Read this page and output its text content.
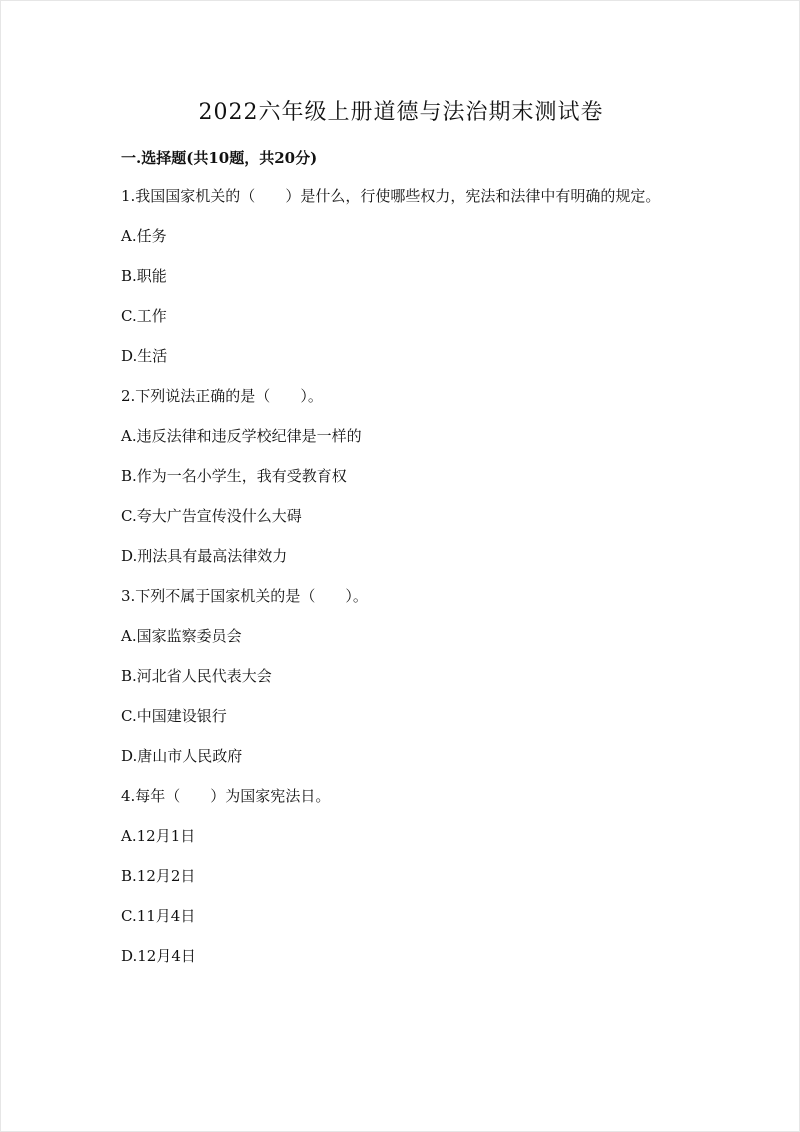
2022六年级上册道德与法治期末测试卷
一.选择题(共10题，共20分)
1.我国国家机关的（　　）是什么，行使哪些权力，宪法和法律中有明确的规定。
A.任务
B.职能
C.工作
D.生活
2.下列说法正确的是（　　）。
A.违反法律和违反学校纪律是一样的
B.作为一名小学生，我有受教育权
C.夸大广告宣传没什么大碍
D.刑法具有最高法律效力
3.下列不属于国家机关的是（　　）。
A.国家监察委员会
B.河北省人民代表大会
C.中国建设银行
D.唐山市人民政府
4.每年（　　）为国家宪法日。
A.12月1日
B.12月2日
C.11月4日
D.12月4日
